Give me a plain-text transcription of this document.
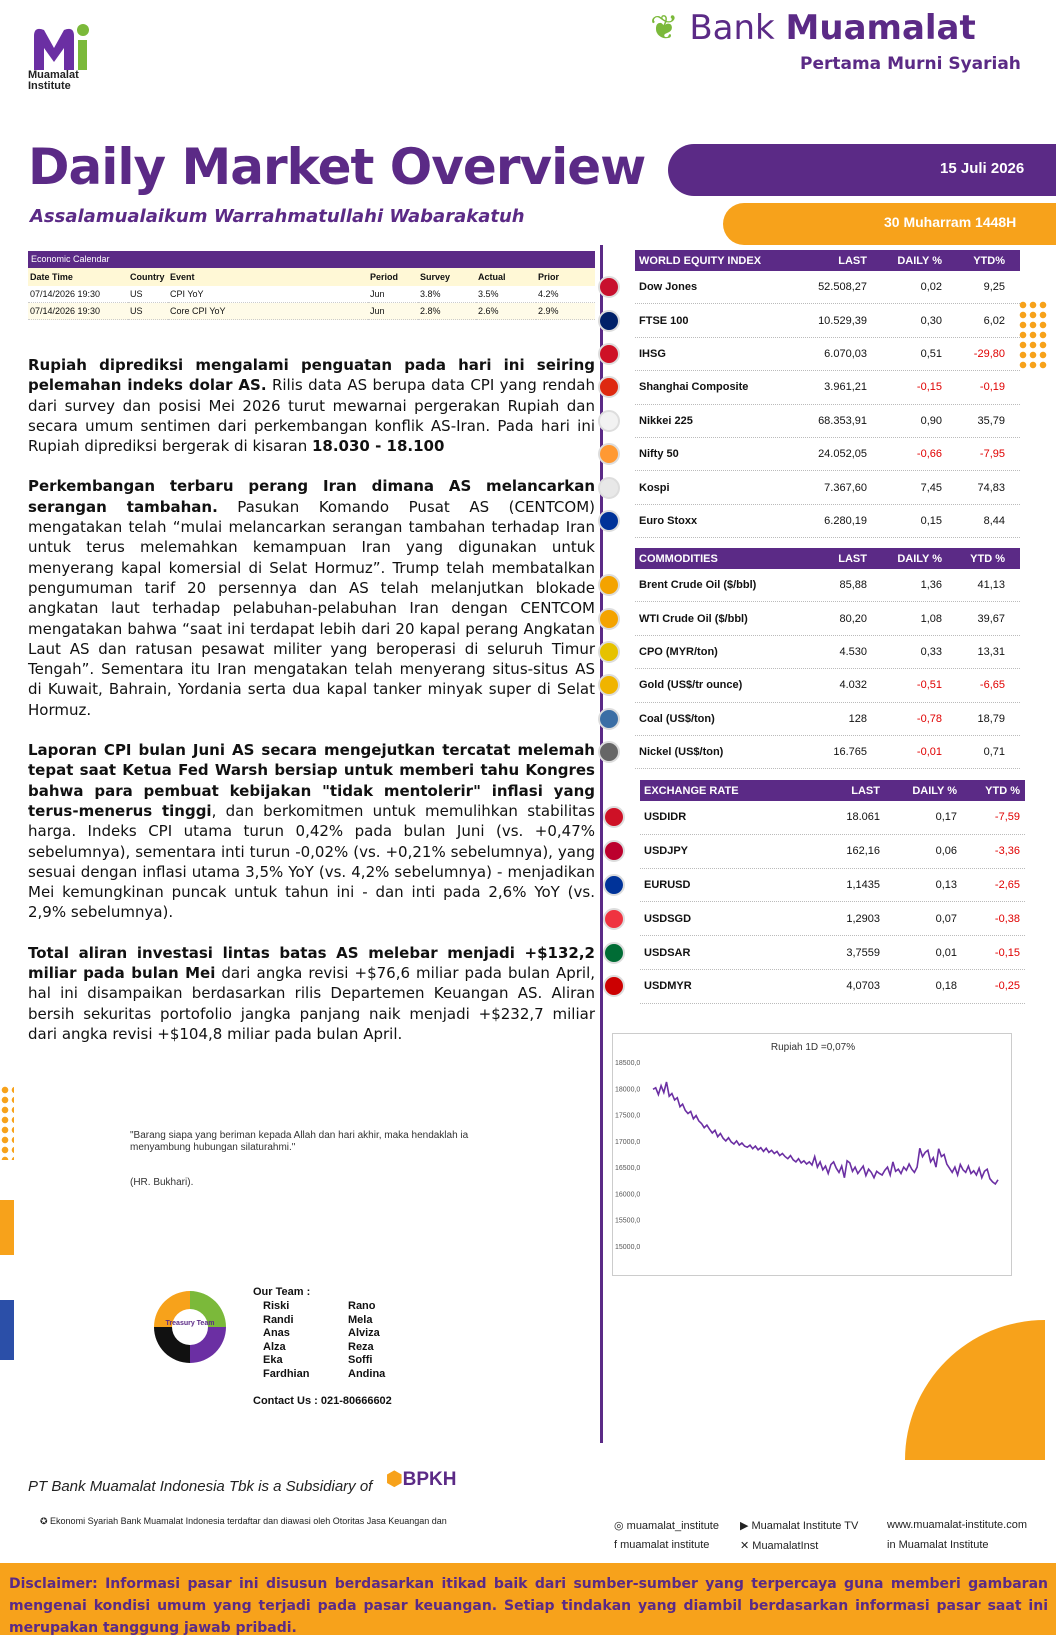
Muamalat Institute
❦ Bank Muamalat
Pertama Murni Syariah
Daily Market Overview
Assalamualaikum Warrahmatullahi Wabarakatuh
15 Juli 2026
30 Muharram 1448H
Economic Calendar
Date Time	Country	Event	Period	Survey	Actual	Prior
07/14/2026 19:30	US	CPI YoY	Jun	3.8%	3.5%	4.2%
07/14/2026 19:30	US	Core CPI YoY	Jun	2.8%	2.6%	2.9%

Rupiah diprediksi mengalami penguatan pada hari ini seiring pelemahan indeks dolar AS. Rilis data AS berupa data CPI yang rendah dari survey dan posisi Mei 2026 turut mewarnai pergerakan Rupiah dan secara umum sentimen dari perkembangan konflik AS-Iran. Pada hari ini Rupiah diprediksi bergerak di kisaran 18.030 - 18.100

Perkembangan terbaru perang Iran dimana AS melancarkan serangan tambahan. Pasukan Komando Pusat AS (CENTCOM) mengatakan telah “mulai melancarkan serangan tambahan terhadap Iran untuk terus melemahkan kemampuan Iran yang digunakan untuk menyerang kapal komersial di Selat Hormuz”. Trump telah membatalkan pengumuman tarif 20 persennya dan AS telah melanjutkan blokade angkatan laut terhadap pelabuhan-pelabuhan Iran dengan CENTCOM mengatakan bahwa “saat ini terdapat lebih dari 20 kapal perang Angkatan Laut AS dan ratusan pesawat militer yang beroperasi di seluruh Timur Tengah”. Sementara itu Iran mengatakan telah menyerang situs-situs AS di Kuwait, Bahrain, Yordania serta dua kapal tanker minyak super di Selat Hormuz.

Laporan CPI bulan Juni AS secara mengejutkan tercatat melemah tepat saat Ketua Fed Warsh bersiap untuk memberi tahu Kongres bahwa para pembuat kebijakan "tidak mentolerir" inflasi yang terus-menerus tinggi, dan berkomitmen untuk memulihkan stabilitas harga. Indeks CPI utama turun 0,42% pada bulan Juni (vs. +0,47% sebelumnya), sementara inti turun -0,02% (vs. +0,21% sebelumnya), yang sesuai dengan inflasi utama 3,5% YoY (vs. 4,2% sebelumnya) - menjadikan Mei kemungkinan puncak untuk tahun ini - dan inti pada 2,6% YoY (vs. 2,9% sebelumnya).

Total aliran investasi lintas batas AS melebar menjadi +$132,2 miliar pada bulan Mei dari angka revisi +$76,6 miliar pada bulan April, hal ini disampaikan berdasarkan rilis Departemen Keuangan AS. Aliran bersih sekuritas portofolio jangka panjang naik menjadi +$232,7 miliar dari angka revisi +$104,8 miliar pada bulan April.

"Barang siapa yang beriman kepada Allah dan hari akhir, maka hendaklah ia menyambung hubungan silaturahmi."
(HR. Bukhari).
Treasury Team
Our Team :
Riski
Randi
Anas
Alza
Eka
Fardhian
Rano
Mela
Alviza
Reza
Soffi
Andina
Contact Us : 021-80666602
WORLD EQUITY INDEX	LAST	DAILY %	YTD%
Dow Jones	52.508,27	0,02	9,25
FTSE 100	10.529,39	0,30	6,02
IHSG	6.070,03	0,51	-29,80
Shanghai Composite	3.961,21	-0,15	-0,19
Nikkei 225	68.353,91	0,90	35,79
Nifty 50	24.052,05	-0,66	-7,95
Kospi	7.367,60	7,45	74,83
Euro Stoxx	6.280,19	0,15	8,44
COMMODITIES	LAST	DAILY %	YTD %
Brent Crude Oil ($/bbl)	85,88	1,36	41,13
WTI Crude Oil ($/bbl)	80,20	1,08	39,67
CPO (MYR/ton)	4.530	0,33	13,31
Gold (US$/tr ounce)	4.032	-0,51	-6,65
Coal (US$/ton)	128	-0,78	18,79
Nickel (US$/ton)	16.765	-0,01	0,71
EXCHANGE RATE	LAST	DAILY %	YTD %
USDIDR	18.061	0,17	-7,59
USDJPY	162,16	0,06	-3,36
EURUSD	1,1435	0,13	-2,65
USDSGD	1,2903	0,07	-0,38
USDSAR	3,7559	0,01	-0,15
USDMYR	4,0703	0,18	-0,25
Rupiah 1D =0,07%
18500,0
18000,0
17500,0
17000,0
16500,0
16000,0
15500,0
15000,0
PT Bank Muamalat Indonesia Tbk is a Subsidiary of ⬢BPKH
✪ Ekonomi Syariah Bank Muamalat Indonesia terdaftar dan diawasi oleh Otoritas Jasa Keuangan dan	◎ muamalat_institute
f muamalat institute
▶ Muamalat Institute TV
✕ MuamalatInst
www.muamalat-institute.com
in Muamalat Institute
Disclaimer: Informasi pasar ini disusun berdasarkan itikad baik dari sumber-sumber yang terpercaya guna memberi gambaran mengenai kondisi umum yang terjadi pada pasar keuangan. Setiap tindakan yang diambil berdasarkan informasi pasar saat ini merupakan tanggung jawab pribadi.
